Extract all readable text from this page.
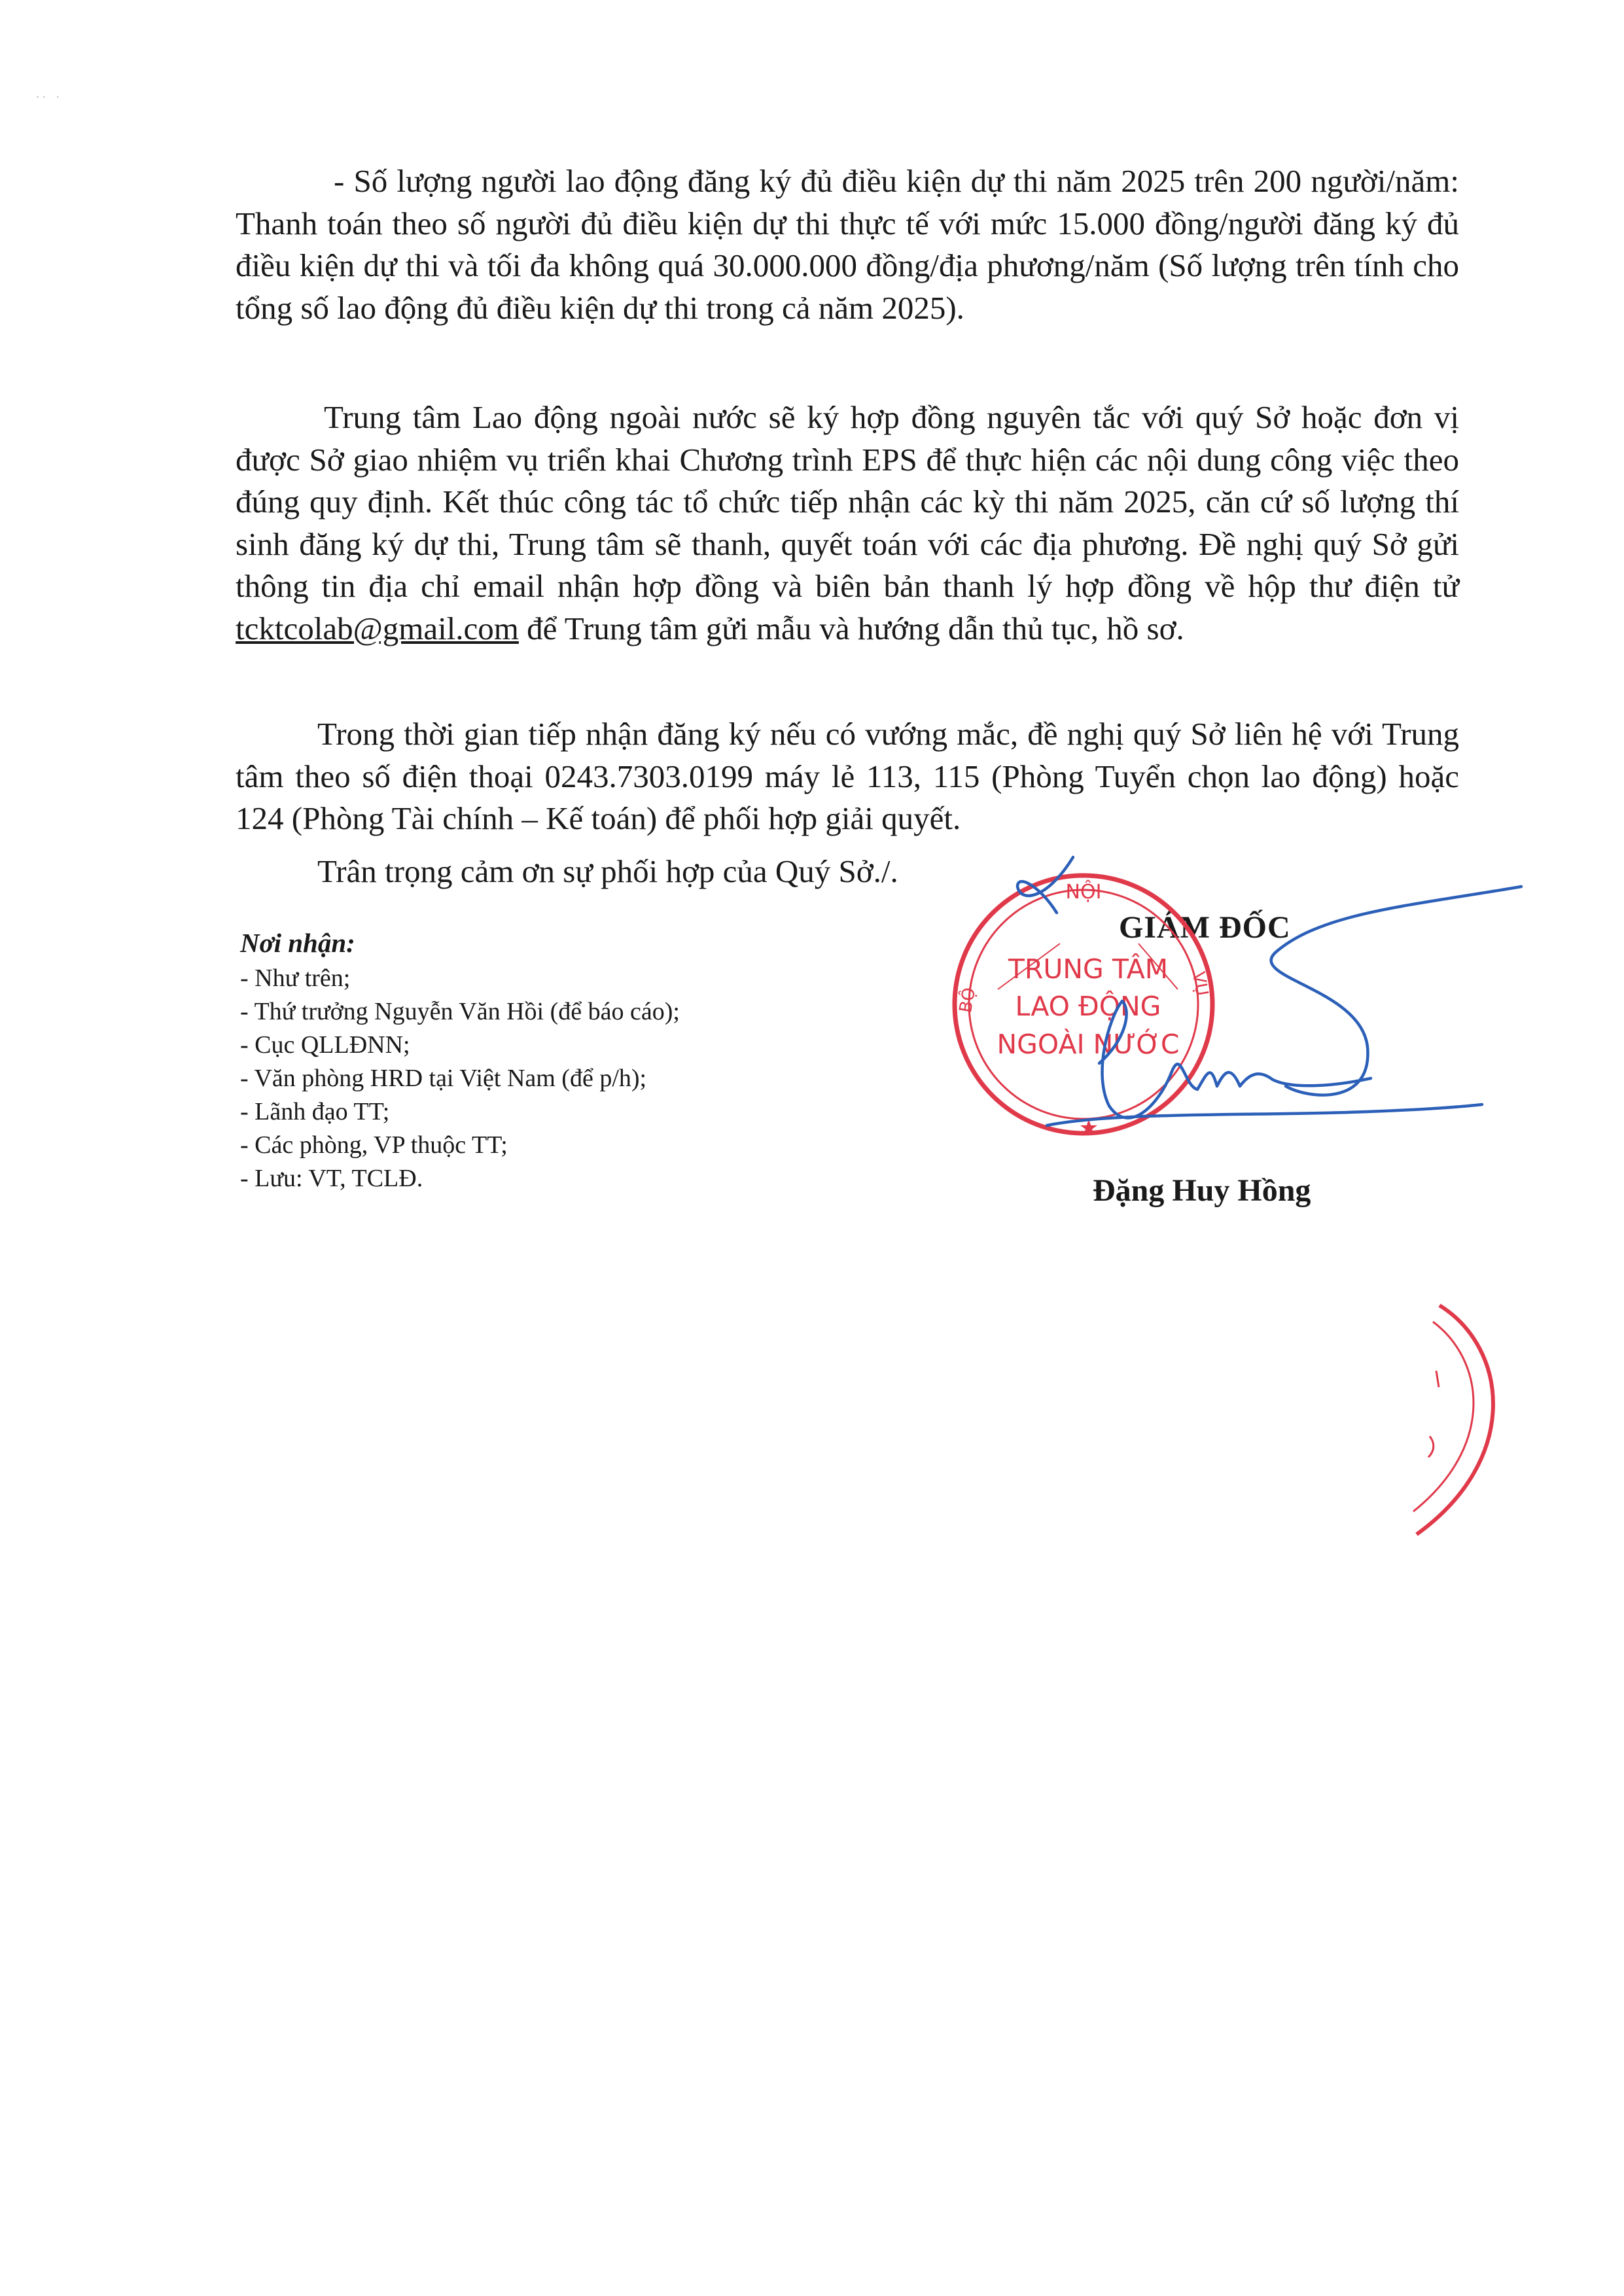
˙ ˙    ˙
- Số lượng người lao động đăng ký đủ điều kiện dự thi năm 2025 trên 200 người/năm: Thanh toán theo số người đủ điều kiện dự thi thực tế với mức 15.000 đồng/người đăng ký đủ điều kiện dự thi và tối đa không quá 30.000.000 đồng/địa phương/năm (Số lượng trên tính cho tổng số lao động đủ điều kiện dự thi trong cả năm 2025).
Trung tâm Lao động ngoài nước sẽ ký hợp đồng nguyên tắc với quý Sở hoặc đơn vị được Sở giao nhiệm vụ triển khai Chương trình EPS để thực hiện các nội dung công việc theo đúng quy định. Kết thúc công tác tổ chức tiếp nhận các kỳ thi năm 2025, căn cứ số lượng thí sinh đăng ký dự thi, Trung tâm sẽ thanh, quyết toán với các địa phương. Đề nghị quý Sở gửi thông tin địa chỉ email nhận hợp đồng và biên bản thanh lý hợp đồng về hộp thư điện tử tcktcolab@gmail.com để Trung tâm gửi mẫu và hướng dẫn thủ tục, hồ sơ.
Trong thời gian tiếp nhận đăng ký nếu có vướng mắc, đề nghị quý Sở liên hệ với Trung tâm theo số điện thoại 0243.7303.0199 máy lẻ 113, 115 (Phòng Tuyển chọn lao động) hoặc 124 (Phòng Tài chính – Kế toán) để phối hợp giải quyết.
Trân trọng cảm ơn sự phối hợp của Quý Sở./.
Nơi nhận:
- Như trên;
- Thứ trưởng Nguyễn Văn Hồi (để báo cáo);
- Cục QLLĐNN;
- Văn phòng HRD tại Việt Nam (để p/h);
- Lãnh đạo TT;
- Các phòng, VP thuộc TT;
- Lưu: VT, TCLĐ.
GIÁM ĐỐC
Đặng Huy Hồng
NỘI
BỘ
VỤ
TRUNG TÂM
LAO ĐỘNG
NGOÀI NƯỚC
★
